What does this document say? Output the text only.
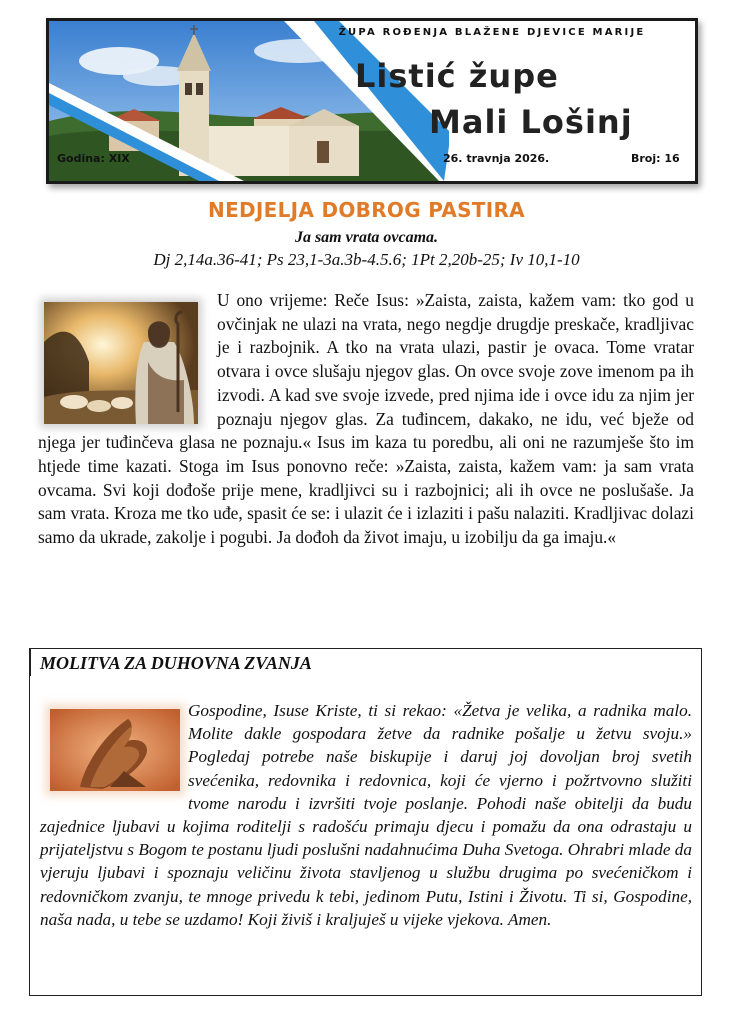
ŽUPA ROĐENJA BLAŽENE DJEVICE MARIJE
Listić župe
Mali Lošinj
Godina: XIX	26. travnja 2026.	Broj: 16
NEDJELJA DOBROG PASTIRA
Ja sam vrata ovcama.
Dj 2,14a.36-41; Ps 23,1-3a.3b-4.5.6; 1Pt 2,20b-25; Iv 10,1-10

U ono vrijeme: Reče Isus: »Zaista, zaista, kažem vam: tko god u ovčinjak ne ulazi na vrata, nego negdje drugdje preskače, kradljivac je i razbojnik. A tko na vrata ulazi, pastir je ovaca. Tome vratar otvara i ovce slušaju njegov glas. On ovce svoje zove imenom pa ih izvodi. A kad sve svoje izvede, pred njima ide i ovce idu za njim jer poznaju njegov glas. Za tuđincem, dakako, ne idu, već bježe od njega jer tuđinčeva glasa ne poznaju.« Isus im kaza tu poredbu, ali oni ne razumješe što im htjede time kazati. Stoga im Isus ponovno reče: »Zaista, zaista, kažem vam: ja sam vrata ovcama. Svi koji dođoše prije mene, kradljivci su i razbojnici; ali ih ovce ne poslušaše. Ja sam vrata. Kroza me tko uđe, spasit će se: i ulazit će i izlaziti i pašu nalaziti. Kradljivac dolazi samo da ukrade, zakolje i pogubi. Ja dođoh da život imaju, u izobilju da ga imaju.«

MOLITVA ZA DUHOVNA ZVANJA

Gospodine, Isuse Kriste, ti si rekao: «Žetva je velika, a radnika malo. Molite dakle gospodara žetve da radnike pošalje u žetvu svoju.» Pogledaj potrebe naše biskupije i daruj joj dovoljan broj svetih svećenika, redovnika i redovnica, koji će vjerno i požrtvovno služiti tvome narodu i izvršiti tvoje poslanje. Pohodi naše obitelji da budu zajednice ljubavi u kojima roditelji s radošću primaju djecu i pomažu da ona odrastaju u prijateljstvu s Bogom te postanu ljudi poslušni nadahnućima Duha Svetoga. Ohrabri mlade da vjeruju ljubavi i spoznaju veličinu života stavljenog u službu drugima po svećeničkom i redovničkom zvanju, te mnoge privedu k tebi, jedinom Putu, Istini i Životu. Ti si, Gospodine, naša nada, u tebe se uzdamo! Koji živiš i kraljuješ u vijeke vjekova. Amen.
